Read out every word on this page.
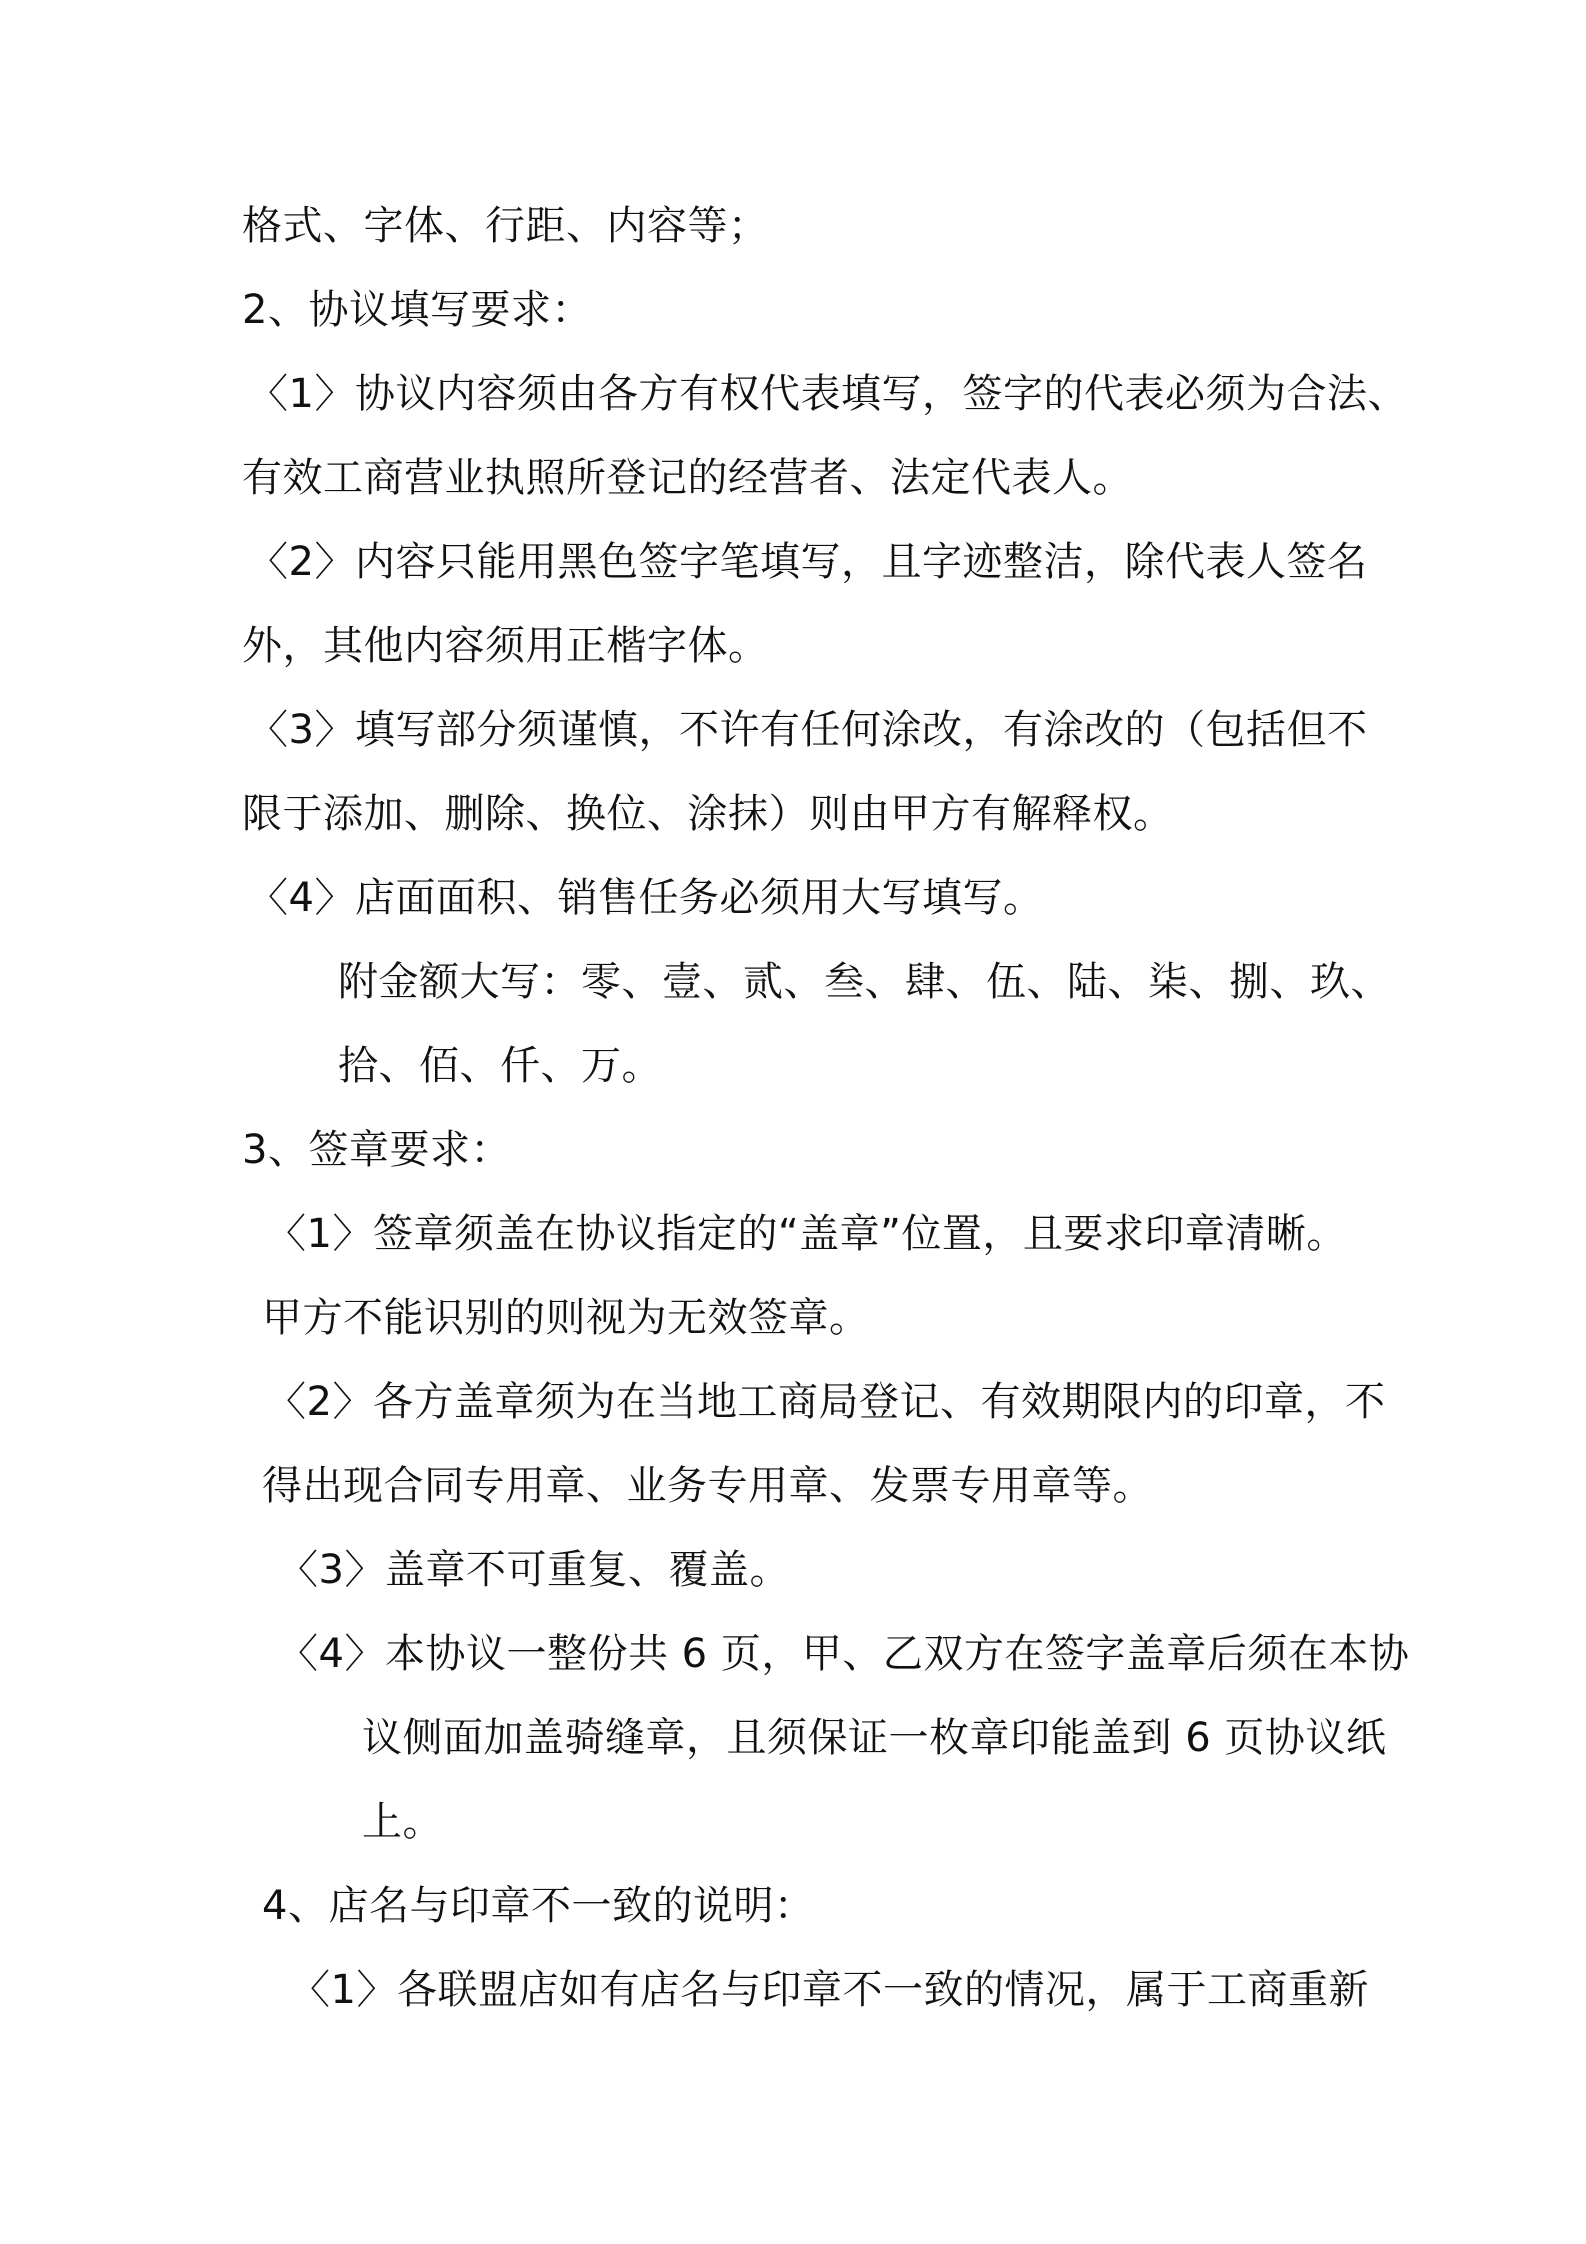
格式、字体、行距、内容等；
2、协议填写要求：
〈1〉协议内容须由各方有权代表填写，签字的代表必须为合法、
有效工商营业执照所登记的经营者、法定代表人。
〈2〉内容只能用黑色签字笔填写，且字迹整洁，除代表人签名
外，其他内容须用正楷字体。
〈3〉填写部分须谨慎，不许有任何涂改，有涂改的（包括但不
限于添加、删除、换位、涂抹）则由甲方有解释权。
〈4〉店面面积、销售任务必须用大写填写。
附金额大写：零、壹、贰、叁、肆、伍、陆、柒、捌、玖、
拾、佰、仟、万。
3、签章要求：
〈1〉签章须盖在协议指定的“盖章”位置，且要求印章清晰。
甲方不能识别的则视为无效签章。
〈2〉各方盖章须为在当地工商局登记、有效期限内的印章，不
得出现合同专用章、业务专用章、发票专用章等。
〈3〉盖章不可重复、覆盖。
〈4〉本协议一整份共 6 页，甲、乙双方在签字盖章后须在本协
议侧面加盖骑缝章，且须保证一枚章印能盖到 6 页协议纸
上。
4、店名与印章不一致的说明：
〈1〉各联盟店如有店名与印章不一致的情况，属于工商重新
